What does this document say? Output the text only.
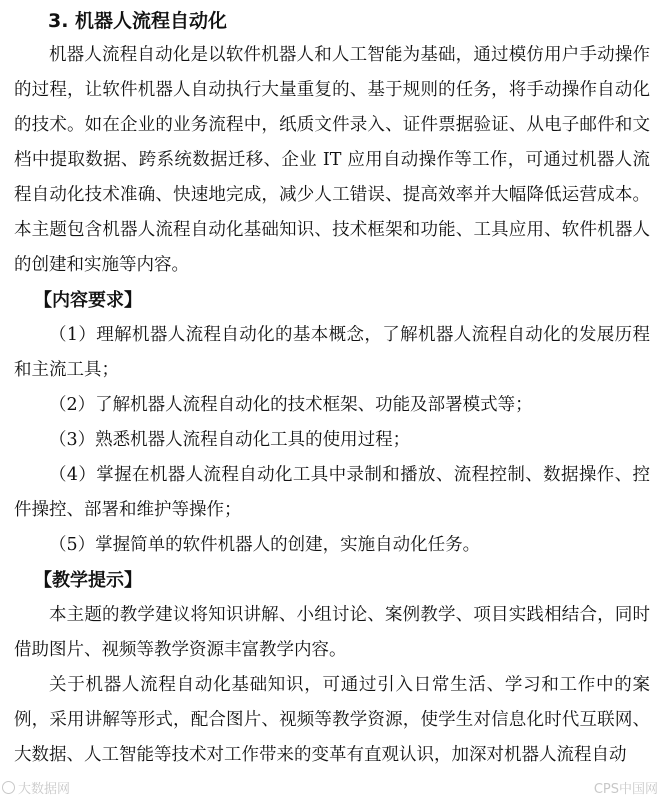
3. 机器人流程自动化

机器人流程自动化是以软件机器人和人工智能为基础，通过模仿用户手动操作的过程，让软件机器人自动执行大量重复的、基于规则的任务，将手动操作自动化的技术。如在企业的业务流程中，纸质文件录入、证件票据验证、从电子邮件和文档中提取数据、跨系统数据迁移、企业 IT 应用自动操作等工作，可通过机器人流程自动化技术准确、快速地完成，减少人工错误、提高效率并大幅降低运营成本。本主题包含机器人流程自动化基础知识、技术框架和功能、工具应用、软件机器人的创建和实施等内容。

【内容要求】

（1）理解机器人流程自动化的基本概念，了解机器人流程自动化的发展历程和主流工具；

（2）了解机器人流程自动化的技术框架、功能及部署模式等；

（3）熟悉机器人流程自动化工具的使用过程；

（4）掌握在机器人流程自动化工具中录制和播放、流程控制、数据操作、控件操控、部署和维护等操作；

（5）掌握简单的软件机器人的创建，实施自动化任务。

【教学提示】

本主题的教学建议将知识讲解、小组讨论、案例教学、项目实践相结合，同时借助图片、视频等教学资源丰富教学内容。

关于机器人流程自动化基础知识，可通过引入日常生活、学习和工作中的案例，采用讲解等形式，配合图片、视频等教学资源，使学生对信息化时代互联网、大数据、人工智能等技术对工作带来的变革有直观认识，加深对机器人流程自动

大数据网	CPS中国网
